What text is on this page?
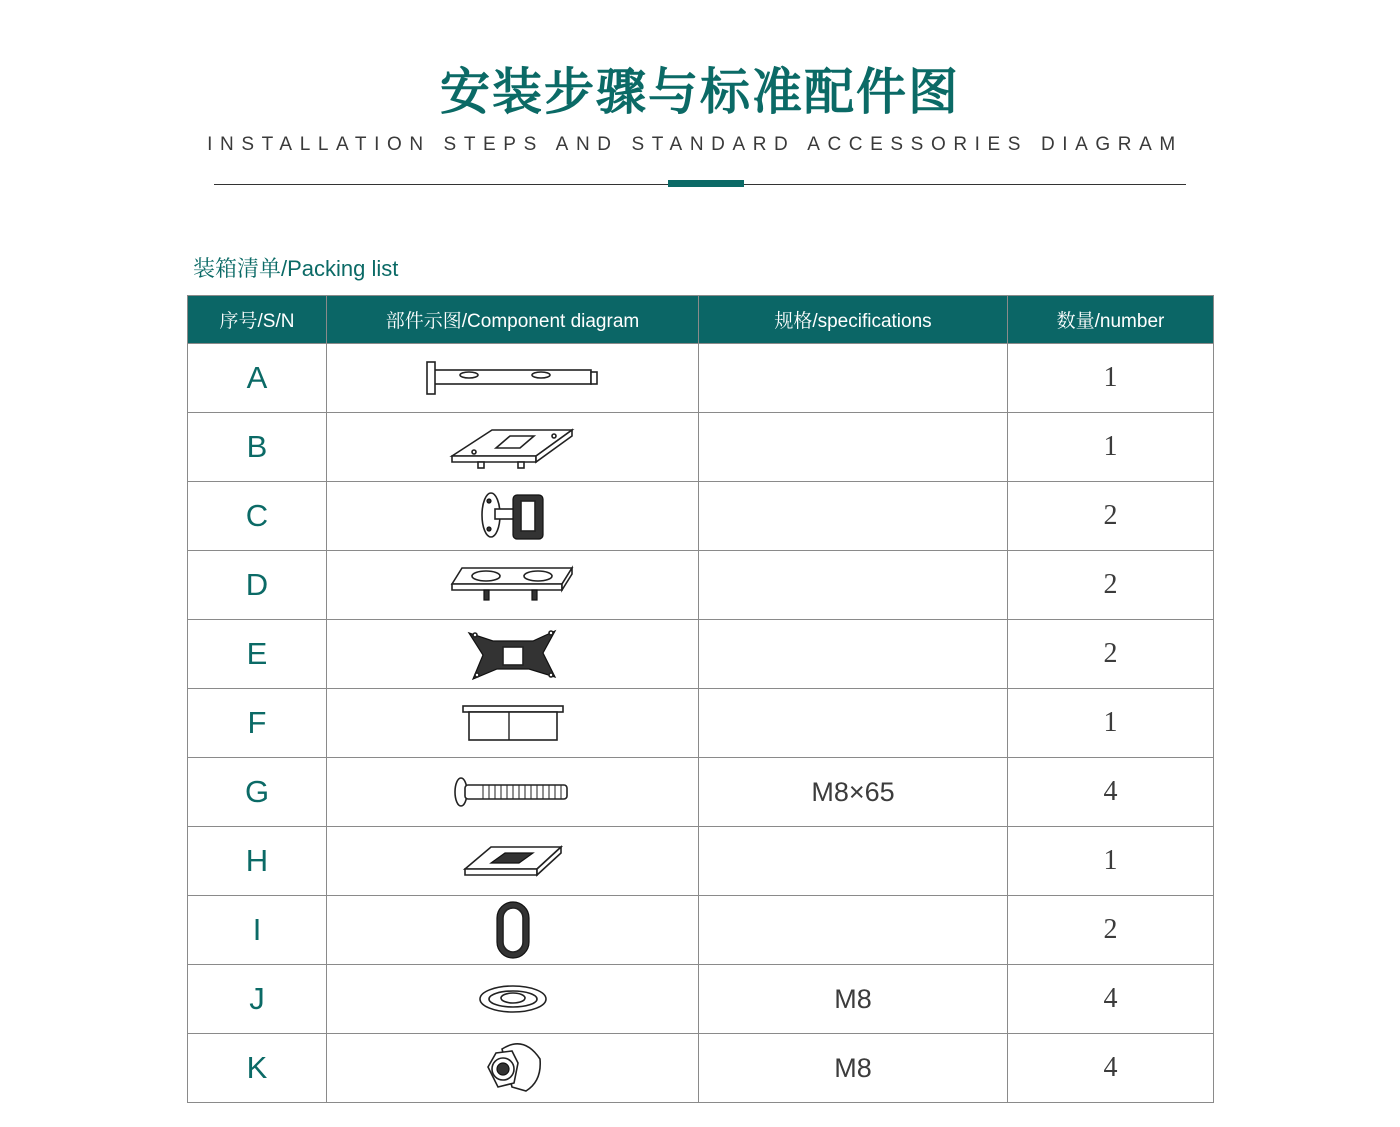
安装步骤与标准配件图
INSTALLATION STEPS AND STANDARD ACCESSORIES DIAGRAM
装箱清单/Packing list
序号/S/N	部件示图/Component diagram	规格/specifications	数量/number
A			1
B			1
C			2
D			2
E			2
F			1
G		M8×65	4
H			1
I			2
J		M8	4
K		M8	4
